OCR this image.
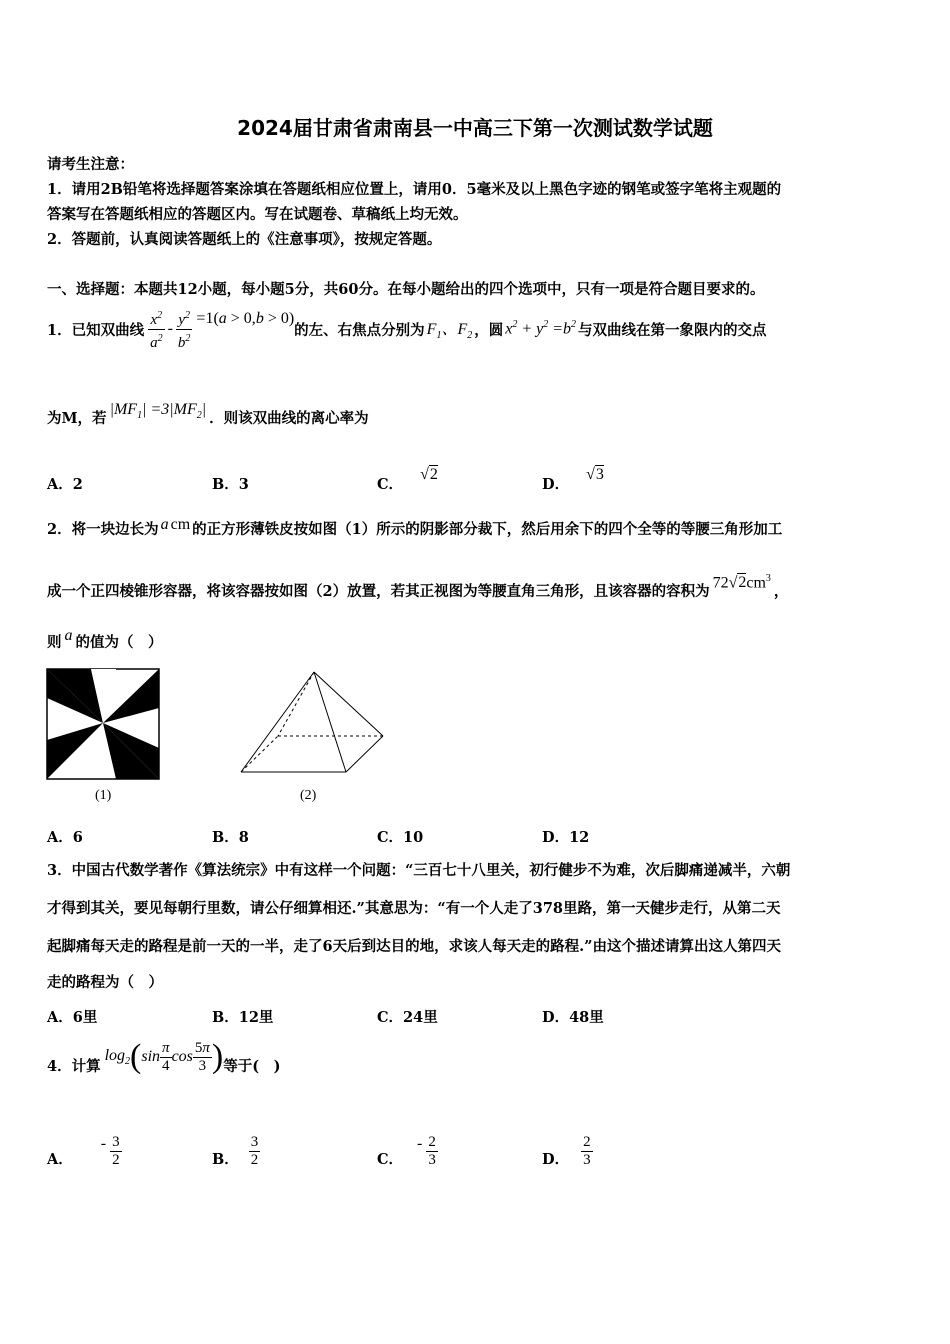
2024届甘肃省肃南县一中高三下第一次测试数学试题
请考生注意：
1．请用2B铅笔将选择题答案涂填在答题纸相应位置上，请用0．5毫米及以上黑色字迹的钢笔或签字笔将主观题的
答案写在答题纸相应的答题区内。写在试题卷、草稿纸上均无效。
2．答题前，认真阅读答题纸上的《注意事项》，按规定答题。
一、选择题：本题共12小题，每小题5分，共60分。在每小题给出的四个选项中，只有一项是符合题目要求的。
1．已知双曲线 $\frac{x^2}{a^2} - \frac{y^2}{b^2} =1(a > 0,b > 0)$
的左、右焦点分别为 $F_1$、$F_2$ ，圆 $x^2 + y^2 =b^2$ 与双曲线在第一象限内的交点
为M，若
$|MF_1| =3|MF_2|$
．则该双曲线的离心率为
A．2	B．3	C． √2
D． √3
2．将一块边长为 a cm 的正方形薄铁皮按如图（1）所示的阴影部分裁下，然后用余下的四个全等的等腰三角形加工
成一个正四棱锥形容器，将该容器按如图（2）放置，若其正视图为等腰直角三角形，且该容器的容积为
$72√2cm^3$
，
则 a 的值为（　）
(1)	(2)
A．6	B．8	C．10	D．12
3．中国古代数学著作《算法统宗》中有这样一个问题：“三百七十八里关，初行健步不为难，次后脚痛递减半，六朝
才得到其关，要见每朝行里数，请公仔细算相还.”其意思为：“有一个人走了378里路，第一天健步走行，从第二天
起脚痛每天走的路程是前一天的一半，走了6天后到达目的地，求该人每天走的路程.”由这个描述请算出这人第四天
走的路程为（　）
A．6里	B．12里	C．24里	D．48里
4．计算
$\log_2$ ( $\sin \frac{\pi}{4}$ $\cos \frac{5\pi}{3}$ ) 等于(　)
A．
- $\frac{3}{2}$	B． $\frac{3}{2}$	C．
- $\frac{2}{3}$	D． $\frac{2}{3}$
